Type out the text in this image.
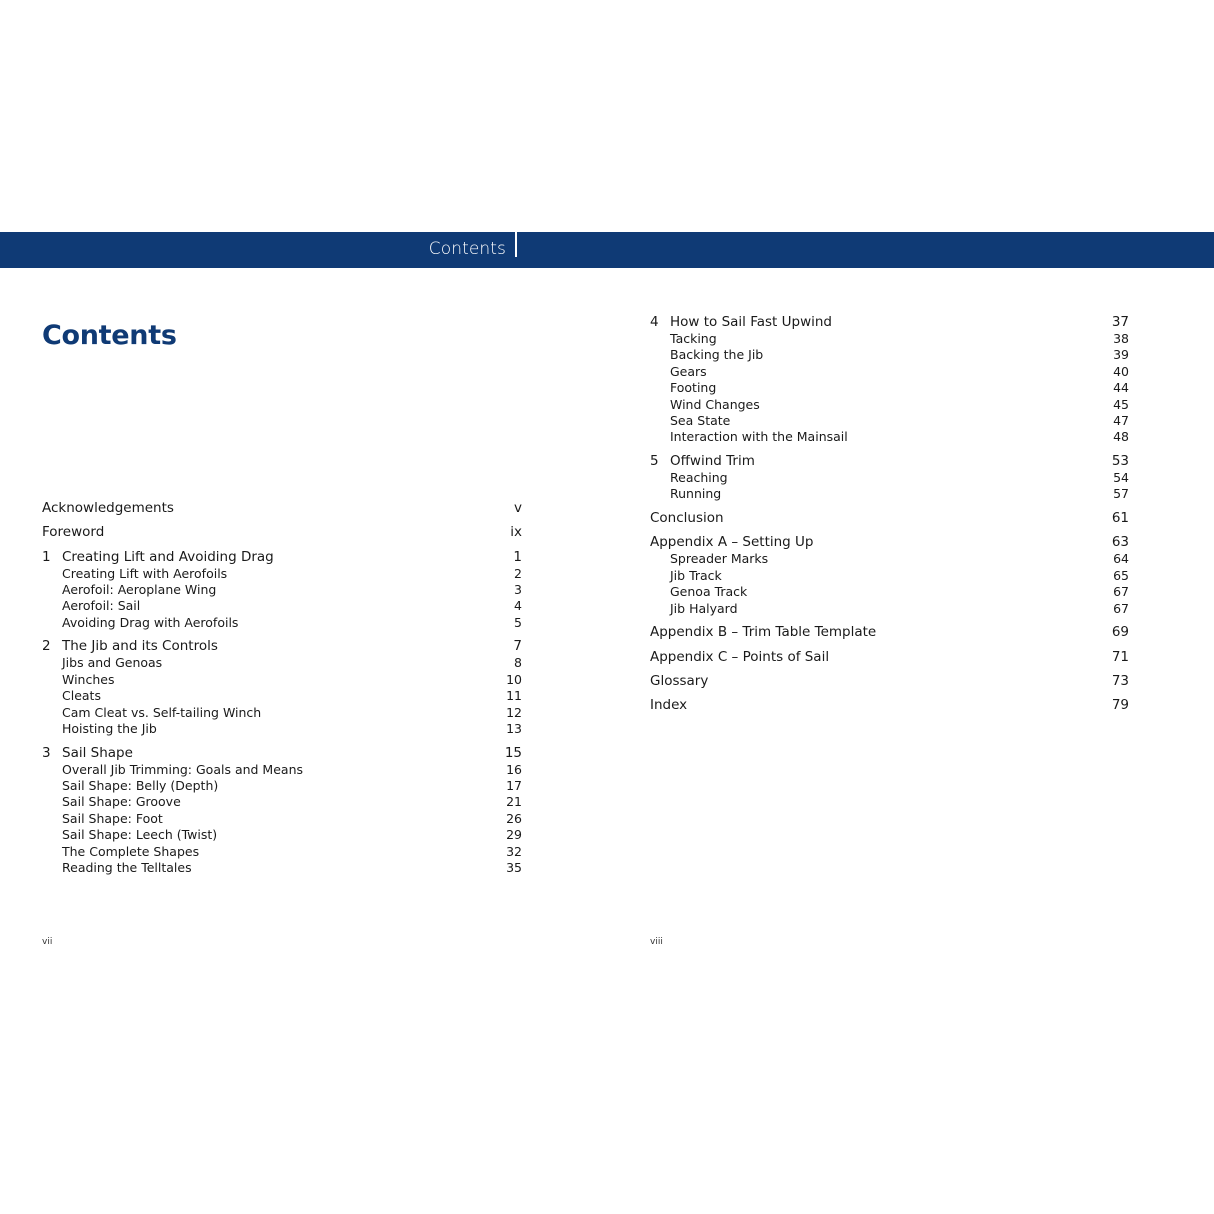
Contents
Contents
Acknowledgements	v
Foreword	ix
1 Creating Lift and Avoiding Drag	1
Creating Lift with Aerofoils	2
Aerofoil: Aeroplane Wing	3
Aerofoil: Sail	4
Avoiding Drag with Aerofoils	5
2 The Jib and its Controls	7
Jibs and Genoas	8
Winches	10
Cleats	11
Cam Cleat vs. Self-tailing Winch	12
Hoisting the Jib	13
3 Sail Shape	15
Overall Jib Trimming: Goals and Means	16
Sail Shape: Belly (Depth)	17
Sail Shape: Groove	21
Sail Shape: Foot	26
Sail Shape: Leech (Twist)	29
The Complete Shapes	32
Reading the Telltales	35
4 How to Sail Fast Upwind	37
Tacking	38
Backing the Jib	39
Gears	40
Footing	44
Wind Changes	45
Sea State	47
Interaction with the Mainsail	48
5 Offwind Trim	53
Reaching	54
Running	57
Conclusion	61
Appendix A – Setting Up	63
Spreader Marks	64
Jib Track	65
Genoa Track	67
Jib Halyard	67
Appendix B – Trim Table Template	69
Appendix C – Points of Sail	71
Glossary	73
Index	79
vii	viii
